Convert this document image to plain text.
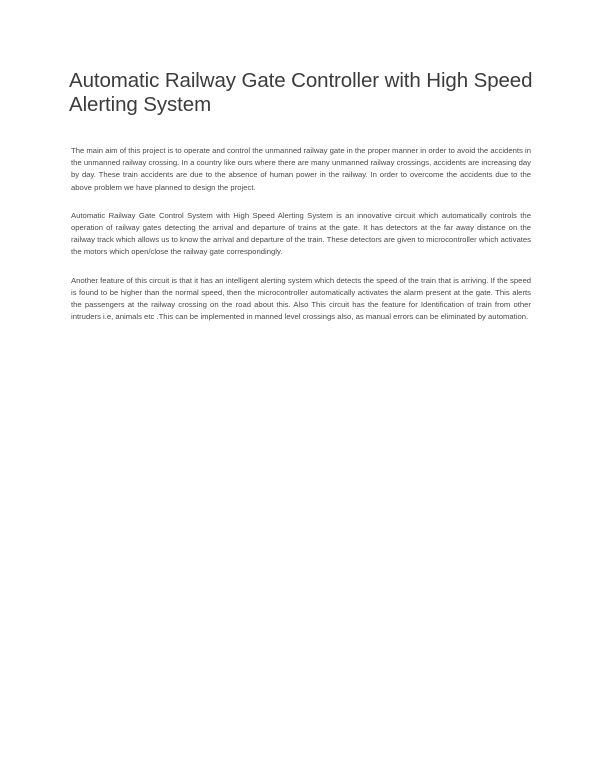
Automatic Railway Gate Controller with High Speed Alerting System

The main aim of this project is to operate and control the unmanned railway gate in the proper manner in order to avoid the accidents in the unmanned railway crossing. In a country like ours where there are many unmanned railway crossings, accidents are increasing day by day. These train accidents are due to the absence of human power in the railway. In order to overcome the accidents due to the above problem we have planned to design the project.

Automatic Railway Gate Control System with High Speed Alerting System is an innovative circuit which automatically controls the operation of railway gates detecting the arrival and departure of trains at the gate. It has detectors at the far away distance on the railway track which allows us to know the arrival and departure of the train. These detectors are given to microcontroller which activates the motors which open/close the railway gate correspondingly.

Another feature of this circuit is that it has an intelligent alerting system which detects the speed of the train that is arriving. If the speed is found to be higher than the normal speed, then the microcontroller automatically activates the alarm present at the gate. This alerts the passengers at the railway crossing on the road about this. Also This circuit has the feature for Identification of train from other intruders i.e, animals etc .This can be implemented in manned level crossings also, as manual errors can be eliminated by automation.
